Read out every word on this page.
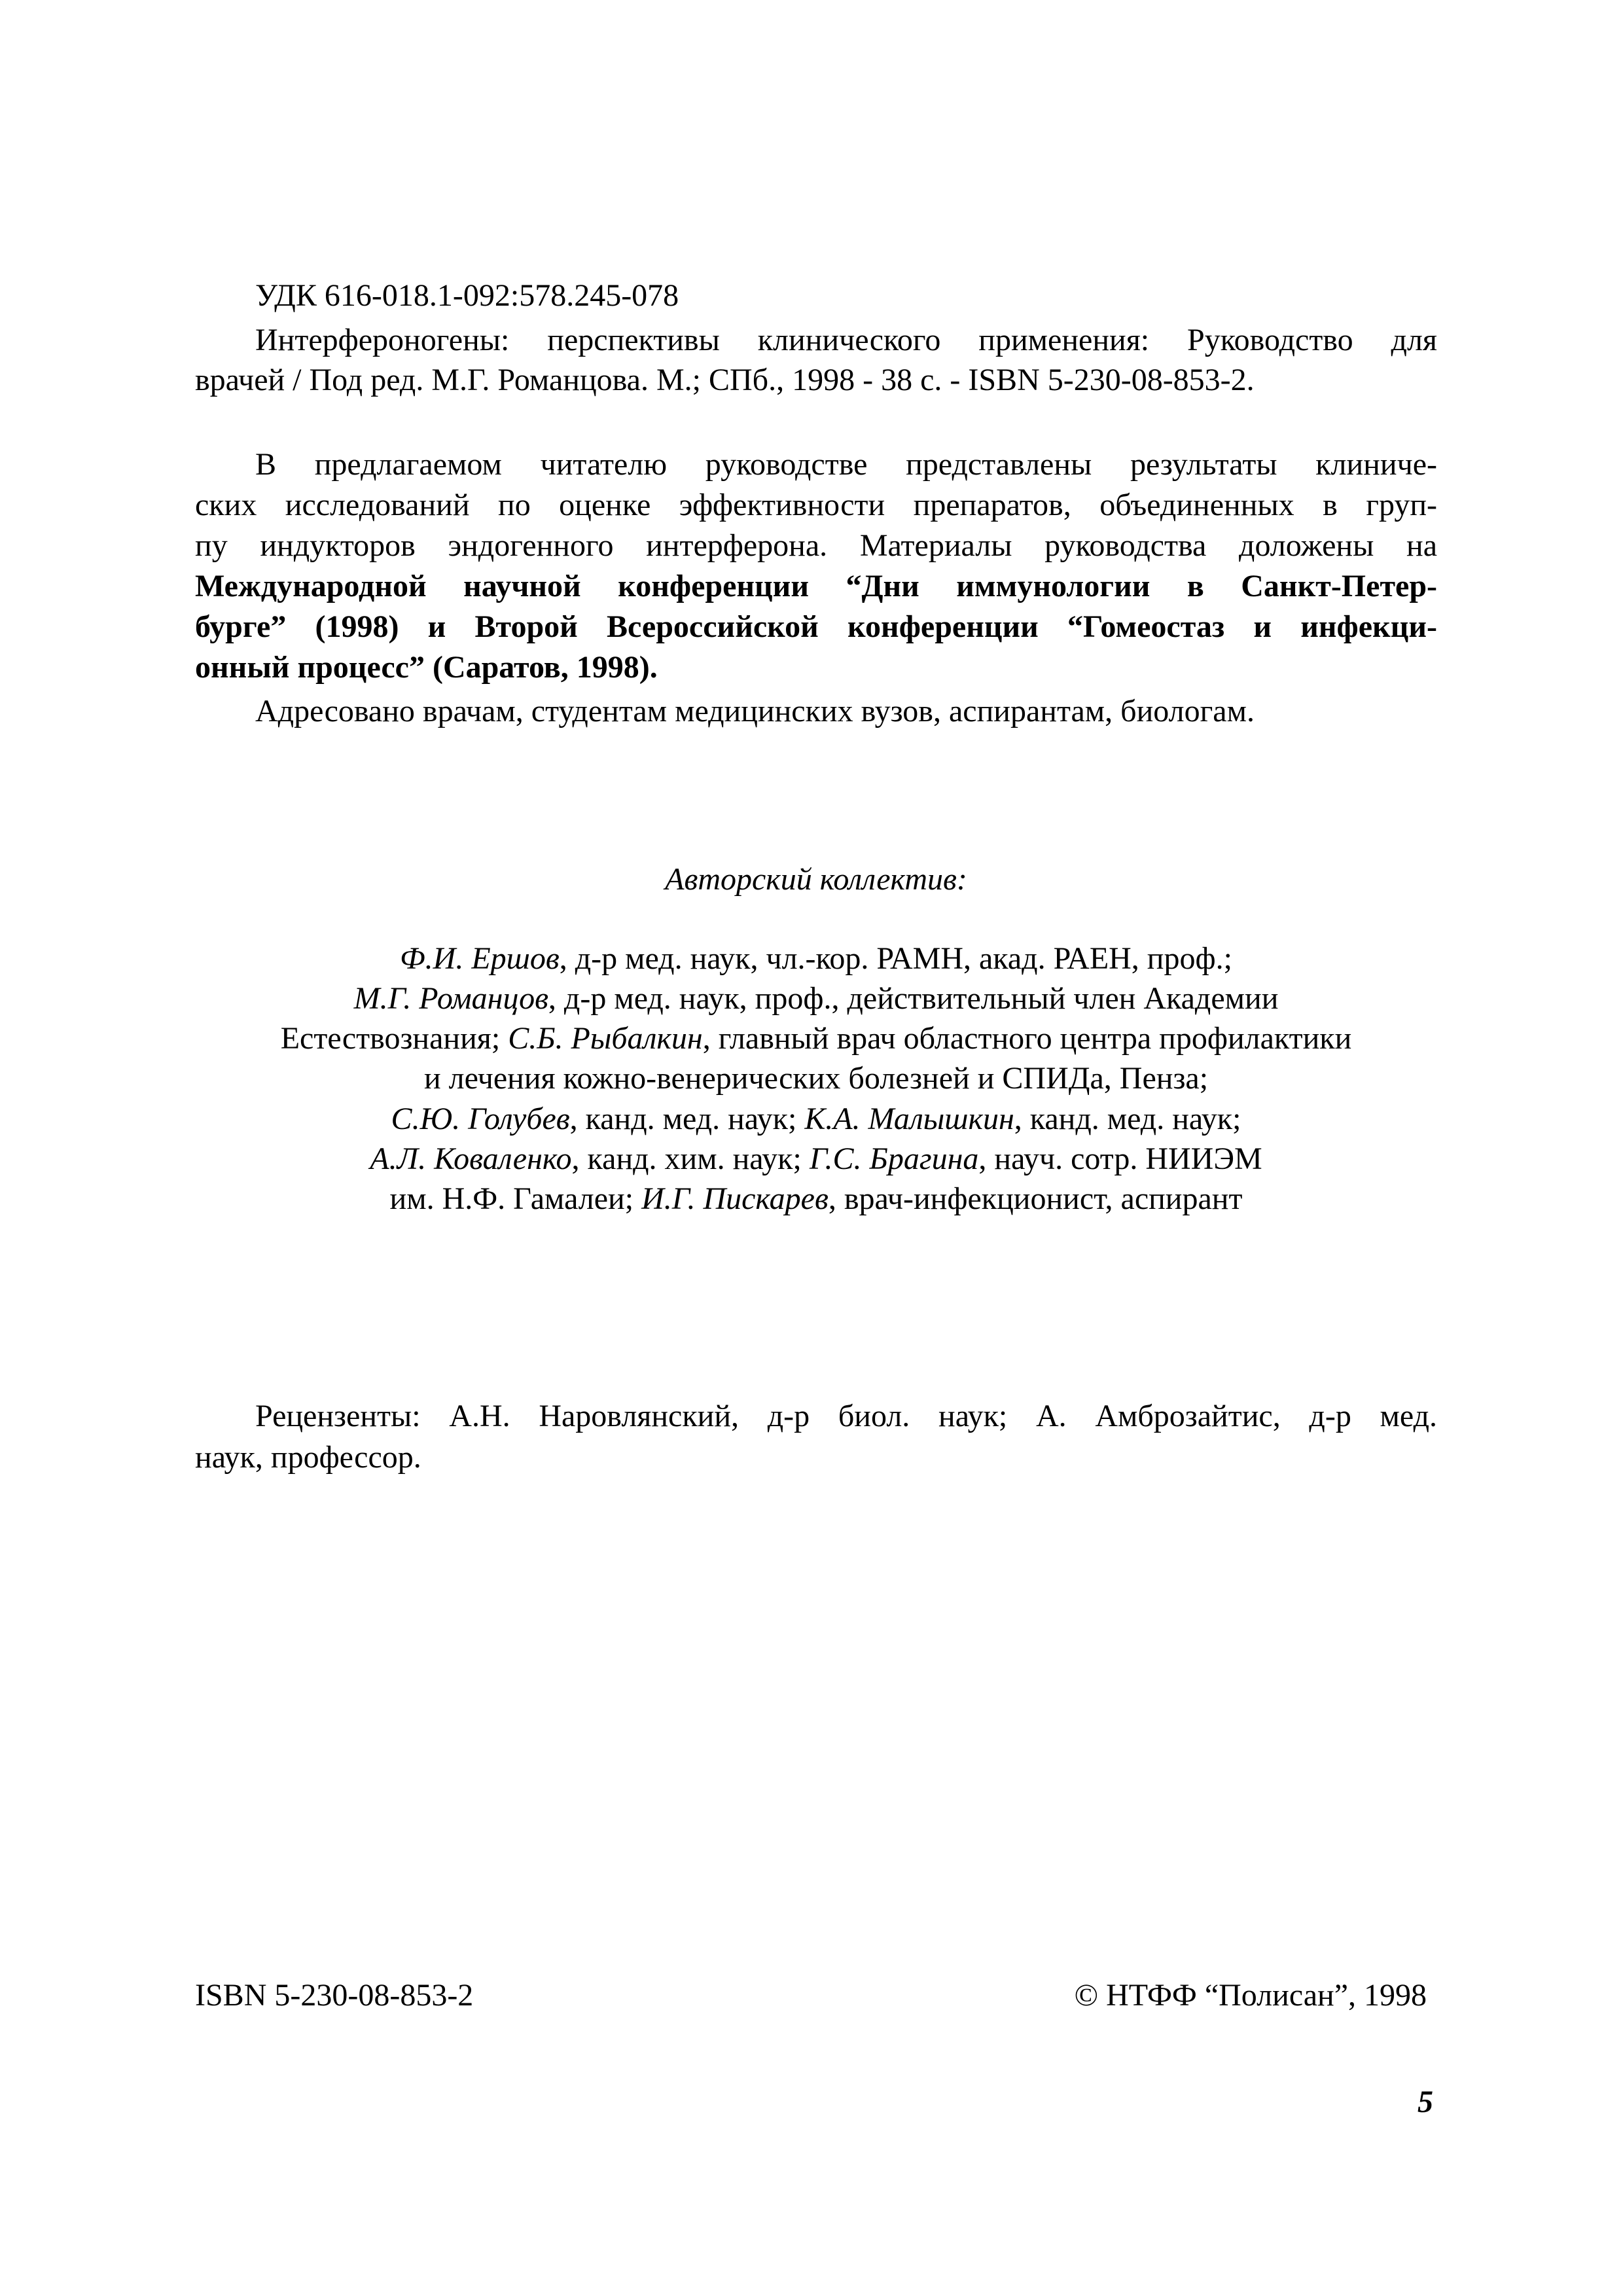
УДК 616-018.1-092:578.245-078
Интерфероногены: перспективы клинического применения: Руководство для
врачей / Под ред. М.Г. Романцова. М.; СПб., 1998 - 38 с. - ISBN 5-230-08-853-2.
В предлагаемом читателю руководстве представлены результаты клиниче-
ских исследований по оценке эффективности препаратов, объединенных в груп-
пу индукторов эндогенного интерферона. Материалы руководства доложены на
Международной научной конференции “Дни иммунологии в Санкт-Петер-
бурге” (1998) и Второй Всероссийской конференции “Гомеостаз и инфекци-
онный процесс” (Саратов, 1998).
Адресовано врачам, студентам медицинских вузов, аспирантам, биологам.
Авторский коллектив:
Ф.И. Ершов, д-р мед. наук, чл.-кор. РАМН, акад. РАЕН, проф.;
М.Г. Романцов, д-р мед. наук, проф., действительный член Академии
Естествознания; С.Б. Рыбалкин, главный врач областного центра профилактики
и лечения кожно-венерических болезней и СПИДа, Пенза;
С.Ю. Голубев, канд. мед. наук; К.А. Малышкин, канд. мед. наук;
А.Л. Коваленко, канд. хим. наук; Г.С. Брагина, науч. сотр. НИИЭМ
им. Н.Ф. Гамалеи; И.Г. Пискарев, врач-инфекционист, аспирант
Рецензенты: А.Н. Наровлянский, д-р биол. наук; А. Амброзайтис, д-р мед.
наук, профессор.
ISBN 5-230-08-853-2	© НТФФ “Полисан”, 1998
5
